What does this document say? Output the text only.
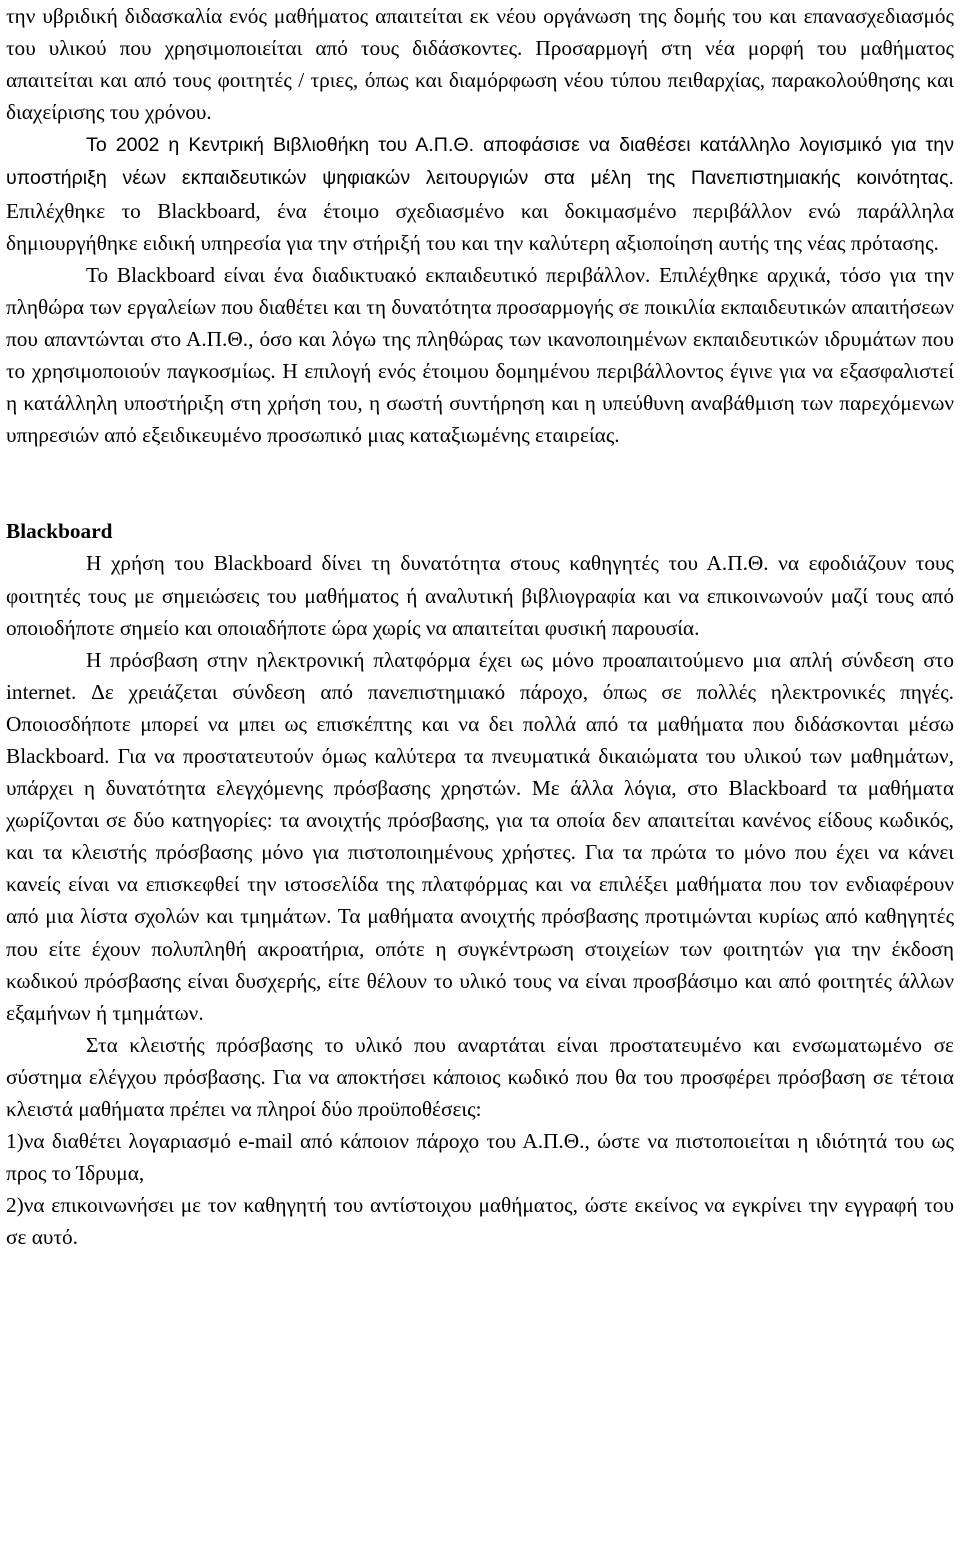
την υβριδική διδασκαλία ενός μαθήματος απαιτείται εκ νέου οργάνωση της δομής του και επανασχεδιασμός του υλικού που χρησιμοποιείται από τους διδάσκοντες. Προσαρμογή στη νέα μορφή του μαθήματος απαιτείται και από τους φοιτητές / τριες, όπως και διαμόρφωση νέου τύπου πειθαρχίας, παρακολούθησης και διαχείρισης του χρόνου.

Το 2002 η Κεντρική Βιβλιοθήκη του Α.Π.Θ. αποφάσισε να διαθέσει κατάλληλο λογισμικό για την υποστήριξη νέων εκπαιδευτικών ψηφιακών λειτουργιών στα μέλη της Πανεπιστημιακής κοινότητας. Επιλέχθηκε το Blackboard, ένα έτοιμο σχεδιασμένο και δοκιμασμένο περιβάλλον ενώ παράλληλα δημιουργήθηκε ειδική υπηρεσία για την στήριξή του και την καλύτερη αξιοποίηση αυτής της νέας πρότασης.

Το Blackboard είναι ένα διαδικτυακό εκπαιδευτικό περιβάλλον. Επιλέχθηκε αρχικά, τόσο για την πληθώρα των εργαλείων που διαθέτει και τη δυνατότητα προσαρμογής σε ποικιλία εκπαιδευτικών απαιτήσεων που απαντώνται στο Α.Π.Θ., όσο και λόγω της πληθώρας των ικανοποιημένων εκπαιδευτικών ιδρυμάτων που το χρησιμοποιούν παγκοσμίως. Η επιλογή ενός έτοιμου δομημένου περιβάλλοντος έγινε για να εξασφαλιστεί η κατάλληλη υποστήριξη στη χρήση του, η σωστή συντήρηση και η υπεύθυνη αναβάθμιση των παρεχόμενων υπηρεσιών από εξειδικευμένο προσωπικό μιας καταξιωμένης εταιρείας.

Blackboard

Η χρήση του Blackboard δίνει τη δυνατότητα στους καθηγητές του Α.Π.Θ. να εφοδιάζουν τους φοιτητές τους με σημειώσεις του μαθήματος ή αναλυτική βιβλιογραφία και να επικοινωνούν μαζί τους από οποιοδήποτε σημείο και οποιαδήποτε ώρα χωρίς να απαιτείται φυσική παρουσία.

Η πρόσβαση στην ηλεκτρονική πλατφόρμα έχει ως μόνο προαπαιτούμενο μια απλή σύνδεση στο internet. Δε χρειάζεται σύνδεση από πανεπιστημιακό πάροχο, όπως σε πολλές ηλεκτρονικές πηγές. Οποιοσδήποτε μπορεί να μπει ως επισκέπτης και να δει πολλά από τα μαθήματα που διδάσκονται μέσω Blackboard. Για να προστατευτούν όμως καλύτερα τα πνευματικά δικαιώματα του υλικού των μαθημάτων, υπάρχει η δυνατότητα ελεγχόμενης πρόσβασης χρηστών. Με άλλα λόγια, στο Blackboard τα μαθήματα χωρίζονται σε δύο κατηγορίες: τα ανοιχτής πρόσβασης, για τα οποία δεν απαιτείται κανένος είδους κωδικός, και τα κλειστής πρόσβασης μόνο για πιστοποιημένους χρήστες. Για τα πρώτα το μόνο που έχει να κάνει κανείς είναι να επισκεφθεί την ιστοσελίδα της πλατφόρμας και να επιλέξει μαθήματα που τον ενδιαφέρουν από μια λίστα σχολών και τμημάτων. Τα μαθήματα ανοιχτής πρόσβασης προτιμώνται κυρίως από καθηγητές που είτε έχουν πολυπληθή ακροατήρια, οπότε η συγκέντρωση στοιχείων των φοιτητών για την έκδοση κωδικού πρόσβασης είναι δυσχερής, είτε θέλουν το υλικό τους να είναι προσβάσιμο και από φοιτητές άλλων εξαμήνων ή τμημάτων.

Στα κλειστής πρόσβασης το υλικό που αναρτάται είναι προστατευμένο και ενσωματωμένο σε σύστημα ελέγχου πρόσβασης. Για να αποκτήσει κάποιος κωδικό που θα του προσφέρει πρόσβαση σε τέτοια κλειστά μαθήματα πρέπει να πληροί δύο προϋποθέσεις:

1)να διαθέτει λογαριασμό e-mail από κάποιον πάροχο του Α.Π.Θ., ώστε να πιστοποιείται η ιδιότητά του ως προς το Ίδρυμα,

2)να επικοινωνήσει με τον καθηγητή του αντίστοιχου μαθήματος, ώστε εκείνος να εγκρίνει την εγγραφή του σε αυτό.
